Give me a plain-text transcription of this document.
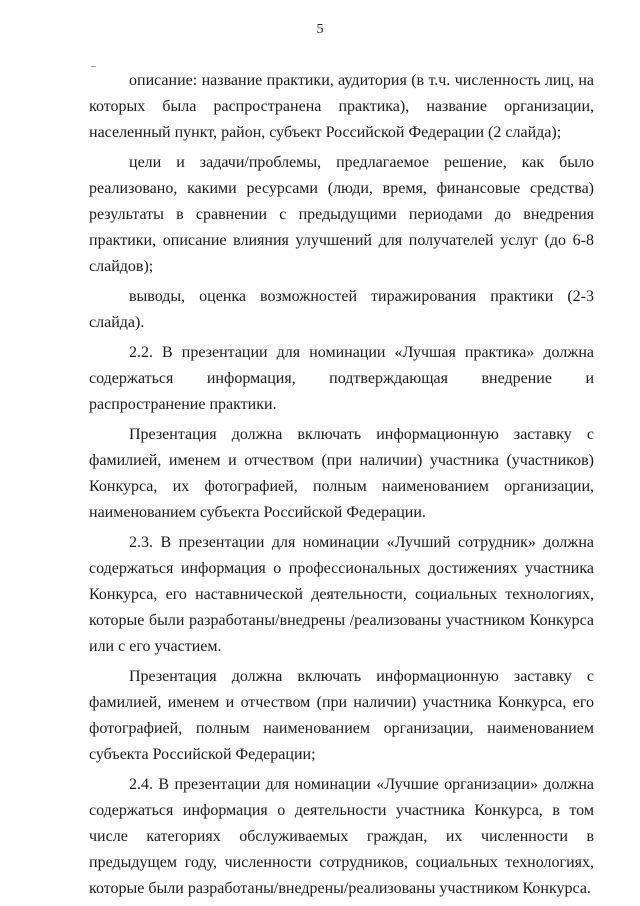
5

описание: название практики, аудитория (в т.ч. численность лиц, на которых была распространена практика), название организации, населенный пункт, район, субъект Российской Федерации (2 слайда);

цели и задачи/проблемы, предлагаемое решение, как было реализовано, какими ресурсами (люди, время, финансовые средства) результаты в сравнении с предыдущими периодами до внедрения практики, описание влияния улучшений для получателей услуг (до 6-8 слайдов);

выводы, оценка возможностей тиражирования практики (2-3 слайда).

2.2. В презентации для номинации «Лучшая практика» должна содержаться информация, подтверждающая внедрение и распространение практики.

Презентация должна включать информационную заставку с фамилией, именем и отчеством (при наличии) участника (участников) Конкурса, их фотографией, полным наименованием организации, наименованием субъекта Российской Федерации.

2.3. В презентации для номинации «Лучший сотрудник» должна содержаться информация о профессиональных достижениях участника Конкурса, его наставнической деятельности, социальных технологиях, которые были разработаны/внедрены /реализованы участником Конкурса или с его участием.

Презентация должна включать информационную заставку с фамилией, именем и отчеством (при наличии) участника Конкурса, его фотографией, полным наименованием организации, наименованием субъекта Российской Федерации;

2.4. В презентации для номинации «Лучшие организации» должна содержаться информация о деятельности участника Конкурса, в том числе категориях обслуживаемых граждан, их численности в предыдущем году, численности сотрудников, социальных технологиях, которые были разработаны/внедрены/реализованы участником Конкурса.
